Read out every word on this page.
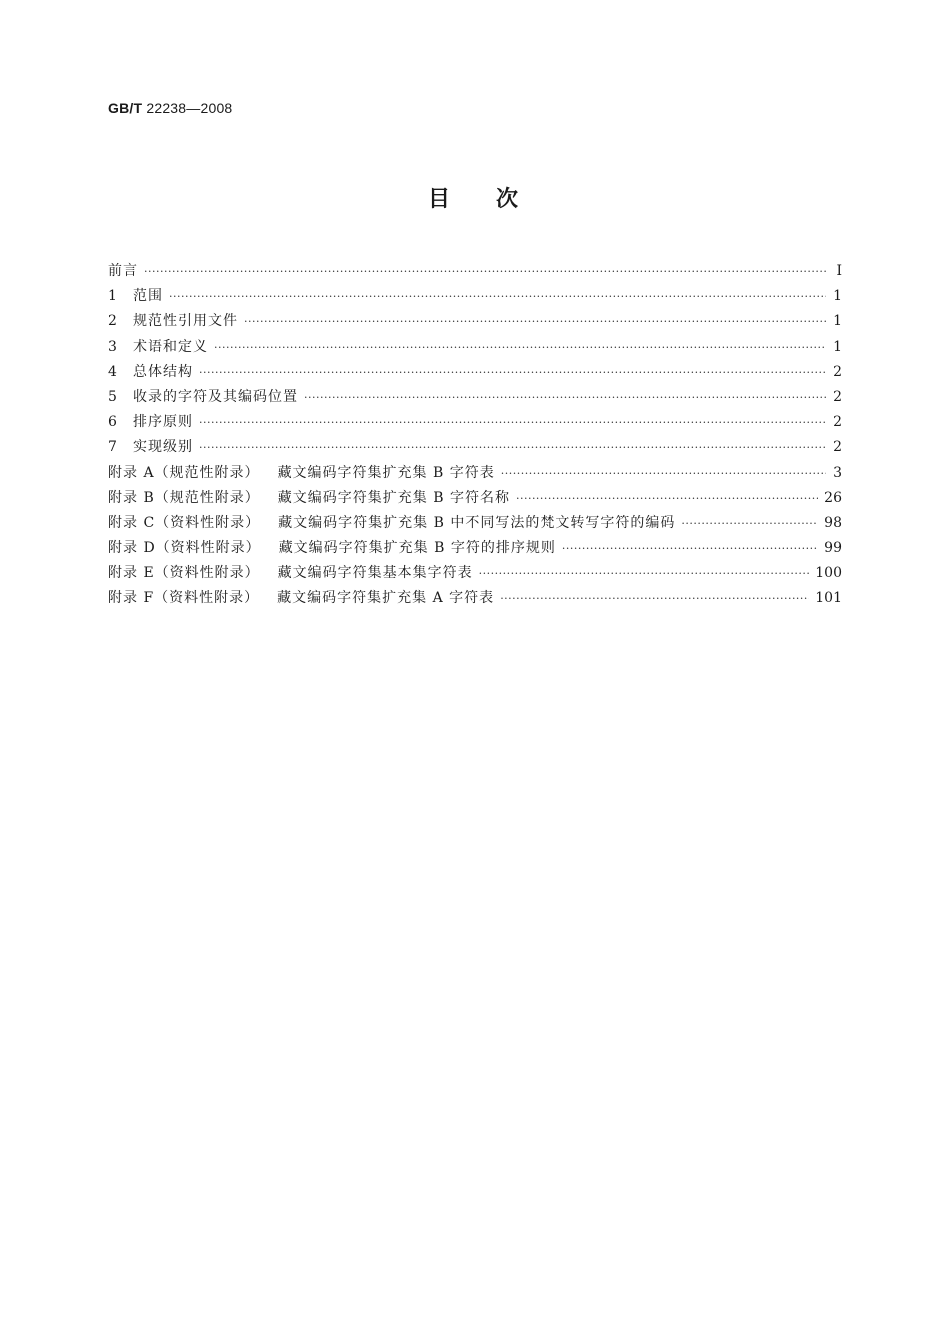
GB/T 22238—2008
目次
前言 ·····	Ⅰ
1	范围 ·····	1
2	规范性引用文件 ·····	1
3	术语和定义 ·····	1
4	总体结构 ·····	2
5	收录的字符及其编码位置 ·····	2
6	排序原则 ·····	2
7	实现级别 ·····	2
附录 A（规范性附录） 藏文编码字符集扩充集 B 字符表 ·····	3
附录 B（规范性附录） 藏文编码字符集扩充集 B 字符名称 ·····	26
附录 C（资料性附录） 藏文编码字符集扩充集 B 中不同写法的梵文转写字符的编码 ·····	98
附录 D（资料性附录） 藏文编码字符集扩充集 B 字符的排序规则 ·····	99
附录 E（资料性附录） 藏文编码字符集基本集字符表 ·····	100
附录 F（资料性附录） 藏文编码字符集扩充集 A 字符表 ·····	101
